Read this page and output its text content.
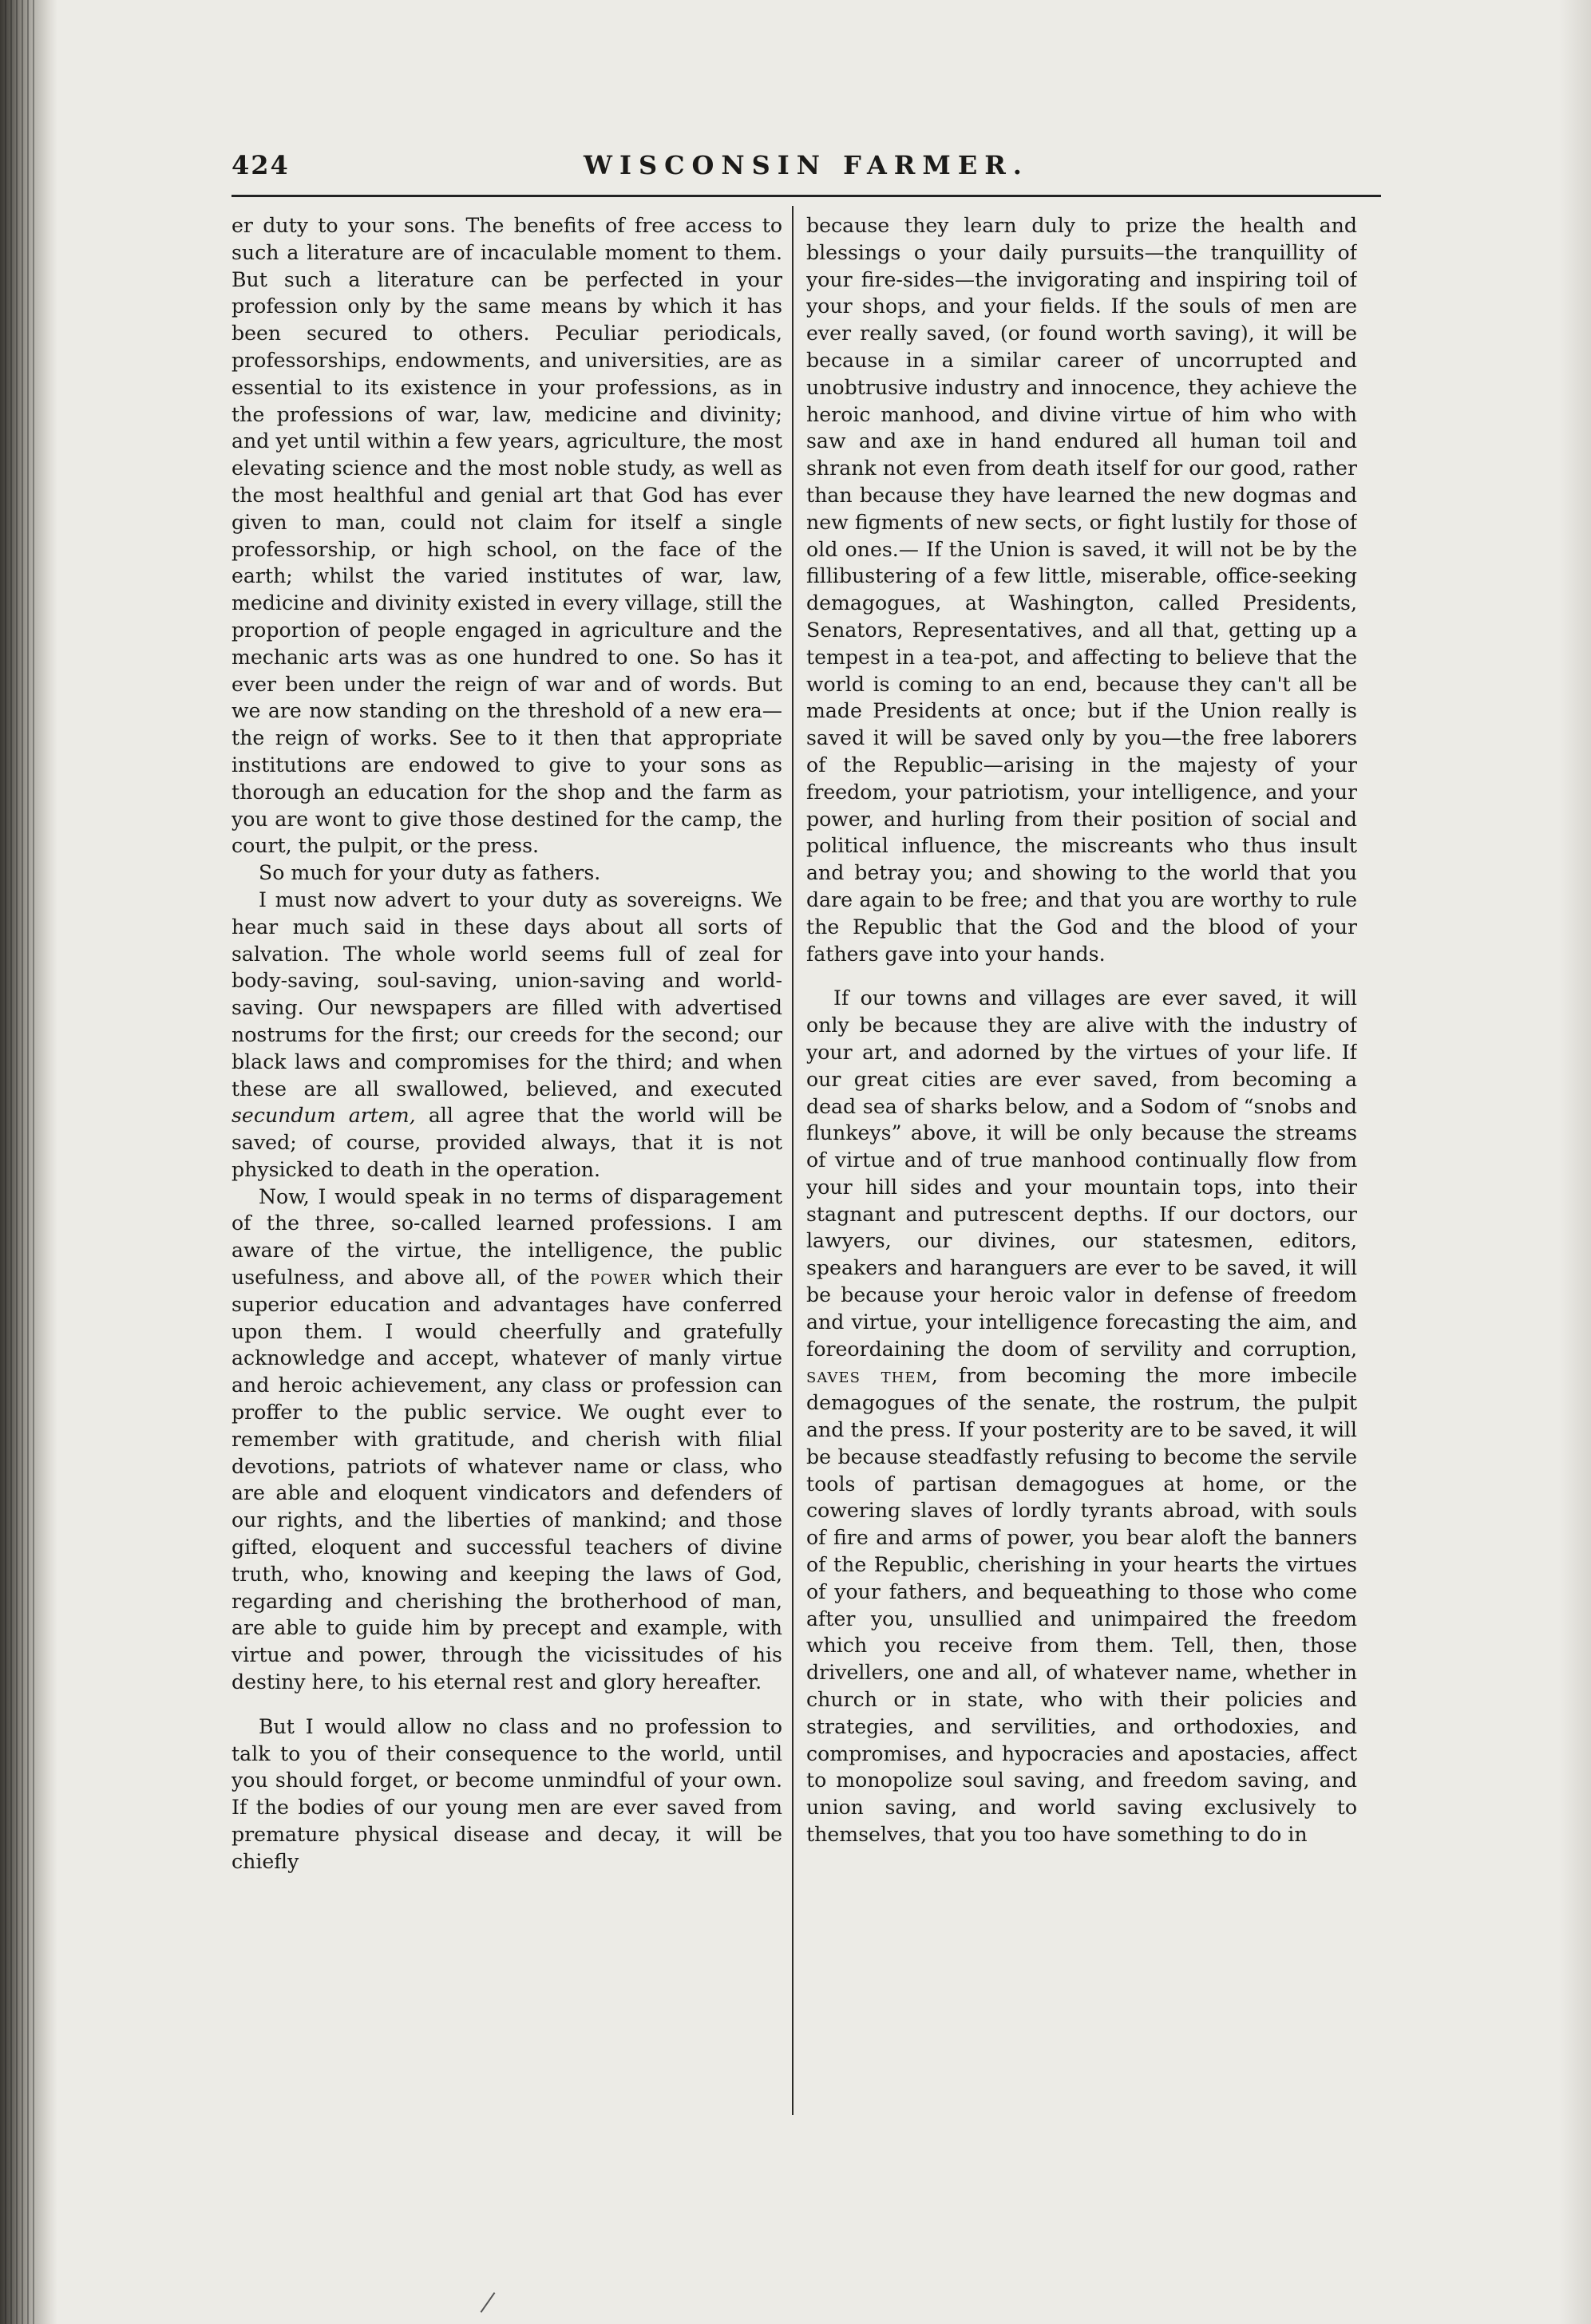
424	WISCONSIN FARMER.

er duty to your sons. The benefits of free access to such a literature are of incaculable moment to them. But such a literature can be perfected in your profession only by the same means by which it has been secured to others. Peculiar periodicals, professorships, endowments, and universities, are as essential to its existence in your professions, as in the professions of war, law, medicine and divinity; and yet until within a few years, agriculture, the most elevating science and the most noble study, as well as the most healthful and genial art that God has ever given to man, could not claim for itself a single professorship, or high school, on the face of the earth; whilst the varied institutes of war, law, medicine and divinity existed in every village, still the proportion of people engaged in agriculture and the mechanic arts was as one hundred to one. So has it ever been under the reign of war and of words. But we are now standing on the threshold of a new era—the reign of works. See to it then that appropriate institutions are endowed to give to your sons as thorough an education for the shop and the farm as you are wont to give those destined for the camp, the court, the pulpit, or the press.

So much for your duty as fathers.

I must now advert to your duty as sovereigns. We hear much said in these days about all sorts of salvation. The whole world seems full of zeal for body-saving, soul-saving, union-saving and world-saving. Our newspapers are filled with advertised nostrums for the first; our creeds for the second; our black laws and compromises for the third; and when these are all swallowed, believed, and executed secundum artem, all agree that the world will be saved; of course, provided always, that it is not physicked to death in the operation.

Now, I would speak in no terms of disparagement of the three, so-called learned professions. I am aware of the virtue, the intelligence, the public usefulness, and above all, of the power which their superior education and advantages have conferred upon them. I would cheerfully and gratefully acknowledge and accept, whatever of manly virtue and heroic achievement, any class or profession can proffer to the public service. We ought ever to remember with gratitude, and cherish with filial devotions, patriots of whatever name or class, who are able and eloquent vindicators and defenders of our rights, and the liberties of mankind; and those gifted, eloquent and successful teachers of divine truth, who, knowing and keeping the laws of God, regarding and cherishing the brotherhood of man, are able to guide him by precept and example, with virtue and power, through the vicissitudes of his destiny here, to his eternal rest and glory hereafter.

But I would allow no class and no profession to talk to you of their consequence to the world, until you should forget, or become unmindful of your own. If the bodies of our young men are ever saved from premature physical disease and decay, it will be chiefly

because they learn duly to prize the health and blessings o your daily pursuits—the tranquillity of your fire-sides—the invigorating and inspiring toil of your shops, and your fields. If the souls of men are ever really saved, (or found worth saving), it will be because in a similar career of uncorrupted and unobtrusive industry and innocence, they achieve the heroic manhood, and divine virtue of him who with saw and axe in hand endured all human toil and shrank not even from death itself for our good, rather than because they have learned the new dogmas and new figments of new sects, or fight lustily for those of old ones.— If the Union is saved, it will not be by the fillibustering of a few little, miserable, office-seeking demagogues, at Washington, called Presidents, Senators, Representatives, and all that, getting up a tempest in a tea-pot, and affecting to believe that the world is coming to an end, because they can't all be made Presidents at once; but if the Union really is saved it will be saved only by you—the free laborers of the Republic—arising in the majesty of your freedom, your patriotism, your intelligence, and your power, and hurling from their position of social and political influence, the miscreants who thus insult and betray you; and showing to the world that you dare again to be free; and that you are worthy to rule the Republic that the God and the blood of your fathers gave into your hands.

If our towns and villages are ever saved, it will only be because they are alive with the industry of your art, and adorned by the virtues of your life. If our great cities are ever saved, from becoming a dead sea of sharks below, and a Sodom of “snobs and flunkeys” above, it will be only because the streams of virtue and of true manhood continually flow from your hill sides and your mountain tops, into their stagnant and putrescent depths. If our doctors, our lawyers, our divines, our statesmen, editors, speakers and haranguers are ever to be saved, it will be because your heroic valor in defense of freedom and virtue, your intelligence forecasting the aim, and foreordaining the doom of servility and corruption, saves them, from becoming the more imbecile demagogues of the senate, the rostrum, the pulpit and the press. If your posterity are to be saved, it will be because steadfastly refusing to become the servile tools of partisan demagogues at home, or the cowering slaves of lordly tyrants abroad, with souls of fire and arms of power, you bear aloft the banners of the Republic, cherishing in your hearts the virtues of your fathers, and bequeathing to those who come after you, unsullied and unimpaired the freedom which you receive from them. Tell, then, those drivellers, one and all, of whatever name, whether in church or in state, who with their policies and strategies, and servilities, and orthodoxies, and compromises, and hypocracies and apostacies, affect to monopolize soul saving, and freedom saving, and union saving, and world saving exclusively to themselves, that you too have something to do in
